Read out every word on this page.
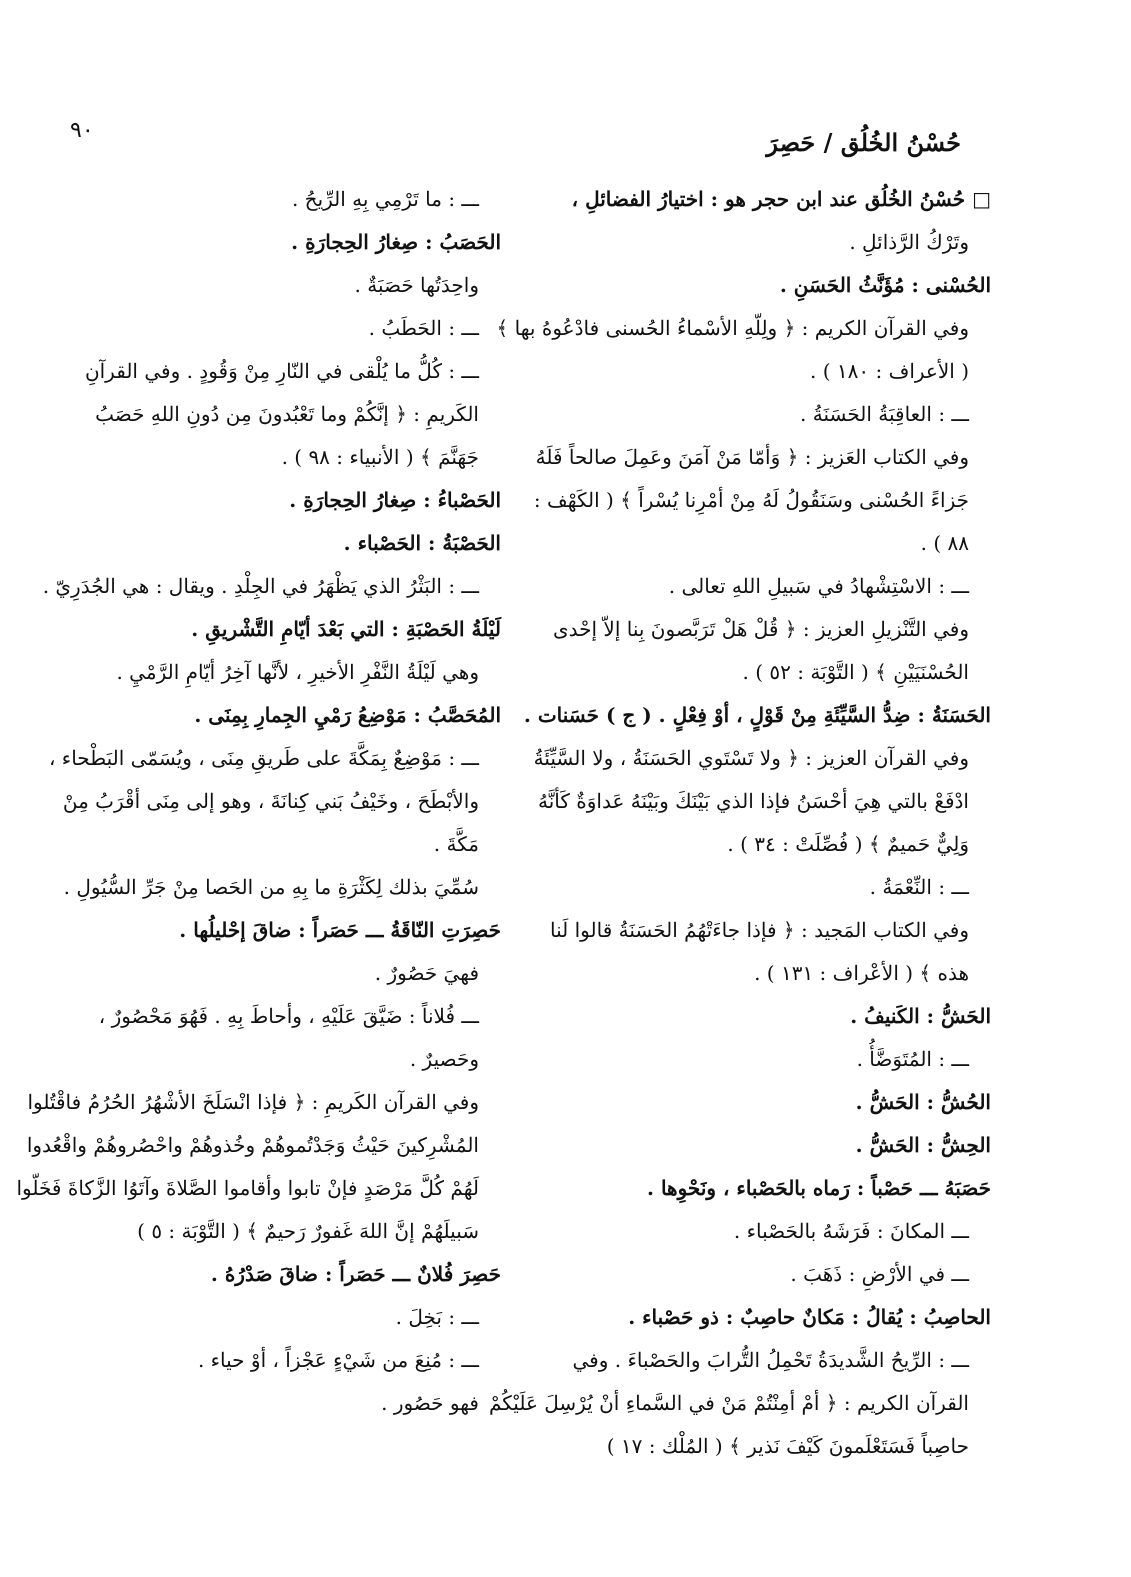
٩٠	حُسْنُ الخُلُق / حَصِرَ
□ حُسْنُ الخُلُق عند ابن حجر هو : اختيارُ الفضائلِ ،
وتَرْكُ الرَّذائلِ .
الحُسْنى : مُؤَنَّثُ الحَسَنِ .
وفي القرآن الكريم : ﴿ ولِلّهِ الأسْماءُ الحُسنى فادْعُوهُ بها ﴾
( الأعراف : ١٨٠ ) .
ـــ : العاقِبَةُ الحَسَنَةُ .
وفي الكتاب العَزيز : ﴿ وَأمّا مَنْ آمَنَ وعَمِلَ صالحاً فَلَهُ
جَزاءً الحُسْنى وسَنَقُولُ لَهُ مِنْ أمْرِنا يُسْراً ﴾ ( الكَهْف :
٨٨ ) .
ـــ : الاسْتِشْهادُ في سَبيلِ اللهِ تعالى .
وفي التَّنْزيلِ العزيز : ﴿ قُلْ هَلْ تَرَبَّصونَ بِنا إلاّ إحْدى
الحُسْنَيَيْنِ ﴾ ( التَّوْبَة : ٥٢ ) .
الحَسَنَةُ : ضِدُّ السَّيِّئَةِ مِنْ قَوْلٍ ، أوْ فِعْلٍ . ( ج ) حَسَنات .
وفي القرآن العزيز : ﴿ ولا تَسْتَوي الحَسَنَةُ ، ولا السَّيِّئَةُ
ادْفَعْ بالتي هِيَ أحْسَنُ فإذا الذي بَيْنَكَ وبَيْنَهُ عَداوَةٌ كَأنَّهُ
وَلِيٌّ حَميمٌ ﴾ ( فُصِّلَتْ : ٣٤ ) .
ـــ : النِّعْمَةُ .
وفي الكتاب المَجيد : ﴿ فإذا جاءَتْهُمُ الحَسَنَةُ قالوا لَنا
هذه ﴾ ( الأعْراف : ١٣١ ) .
الحَشُّ : الكَنيفُ .
ـــ : المُتَوَضَّأُ .
الحُشُّ : الحَشُّ .
الحِشُّ : الحَشُّ .
حَصَبَهُ ـــ حَصْباً : رَماه بالحَصْباء ، ونَحْوِها .
ـــ المكانَ : فَرَشَهُ بالحَصْباء .
ـــ في الأرْضِ : ذَهَبَ .
الحاصِبُ : يُقالُ : مَكانٌ حاصِبٌ : ذو حَصْباء .
ـــ : الرِّيحُ الشَّديدَةُ تَحْمِلُ التُّرابَ والحَصْباءَ . وفي
القرآن الكريم : ﴿ أمْ أمِنْتُمْ مَنْ في السَّماءِ أنْ يُرْسِلَ عَلَيْكُمْ
حاصِباً فَسَتَعْلَمونَ كَيْفَ نَذير ﴾ ( المُلْك : ١٧ )
ـــ : ما تَرْمِي بِهِ الرِّيحُ .
الحَصَبُ : صِغارُ الحِجارَةِ .
واحِدَتُها حَصَبَةٌ .
ـــ : الحَطَبُ .
ـــ : كُلُّ ما يُلْقى في النّارِ مِنْ وَقُودٍ . وفي القرآنِ
الكَريمِ : ﴿ إنَّكُمْ وما تَعْبُدونَ مِن دُونِ اللهِ حَصَبُ
جَهَنَّمَ ﴾ ( الأنبياء : ٩٨ ) .
الحَصْباءُ : صِغارُ الحِجارَةِ .
الحَصْبَةُ : الحَصْباء .
ـــ : البَثْرُ الذي يَظْهَرُ في الجِلْدِ . ويقال : هي الجُدَرِيّ .
لَيْلَةُ الحَصْبَةِ : التي بَعْدَ أيّامِ التَّشْريقِ .
وهي لَيْلَةُ النَّفْرِ الأخيرِ ، لأنَّها آخِرُ أيّامِ الرَّمْيِ .
المُحَصَّبُ : مَوْضِعُ رَمْيِ الجِمارِ بِمِنَى .
ـــ : مَوْضِعٌ بِمَكَّةَ على طَريقِ مِنَى ، ويُسَمّى البَطْحاء ،
والأبْطَحَ ، وخَيْفُ بَني كِنانَةَ ، وهو إلى مِنَى أقْرَبُ مِنْ
مَكَّةَ .
سُمِّيَ بذلك لِكَثْرَةِ ما بِهِ من الحَصا مِنْ جَرِّ السُّيُولِ .
حَصِرَتِ النّاقَةُ ـــ حَصَراً : ضاقَ إحْليلُها .
فهيَ حَصُورٌ .
ـــ فُلاناً : ضَيَّقَ عَلَيْهِ ، وأحاطَ بِهِ . فَهُوَ مَحْصُورٌ ،
وحَصيرٌ .
وفي القرآن الكَريمِ : ﴿ فإذا انْسَلَخَ الأشْهُرُ الحُرُمُ فاقْتُلوا
المُشْرِكينَ حَيْثُ وَجَدْتُموهُمْ وخُذوهُمْ واحْصُروهُمْ واقْعُدوا
لَهُمْ كُلَّ مَرْصَدٍ فإنْ تابوا وأقاموا الصَّلاةَ وآتَوُا الزَّكاةَ فَخَلّوا
سَبيلَهُمْ إنَّ اللهَ غَفورٌ رَحيمٌ ﴾ ( التَّوْبَة : ٥ )
حَصِرَ فُلانٌ ـــ حَصَراً : ضاقَ صَدْرُهُ .
ـــ : بَخِلَ .
ـــ : مُنِعَ من شَيْءٍ عَجْزاً ، أوْ حياء .
فهو حَصُور .
